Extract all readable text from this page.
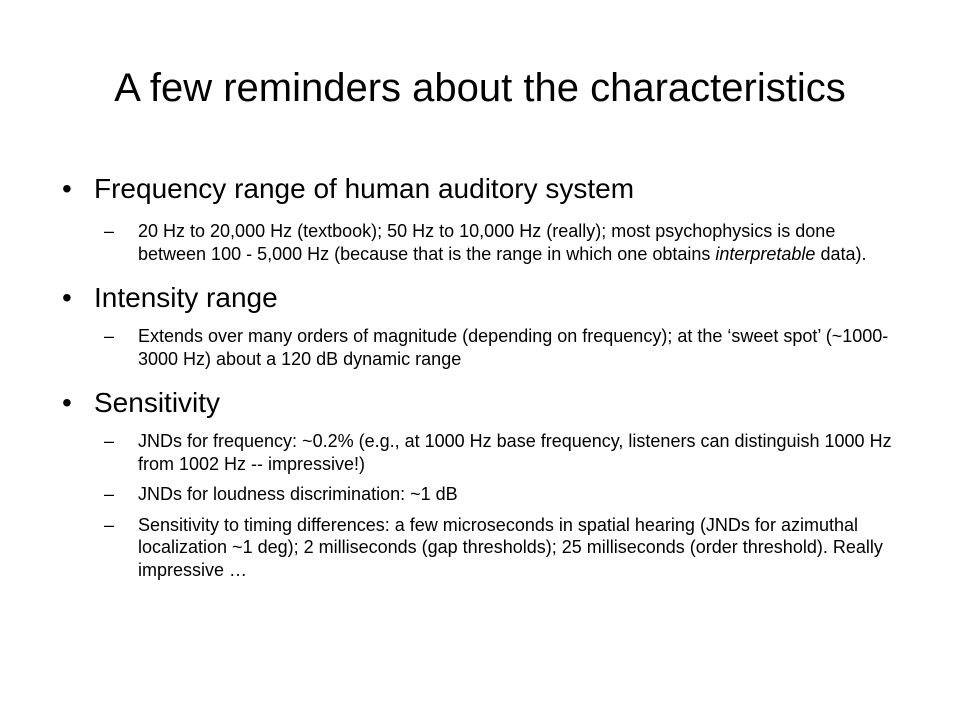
A few reminders about the characteristics
• Frequency range of human auditory system
–	20 Hz to 20,000 Hz (textbook); 50 Hz to 10,000 Hz (really); most psychophysics is done between 100 - 5,000 Hz (because that is the range in which one obtains interpretable data).
• Intensity range
–	Extends over many orders of magnitude (depending on frequency); at the ‘sweet spot’ (~1000-3000 Hz) about a 120 dB dynamic range
• Sensitivity
–	JNDs for frequency: ~0.2% (e.g., at 1000 Hz base frequency, listeners can distinguish 1000 Hz from 1002 Hz -- impressive!)
–	JNDs for loudness discrimination: ~1 dB
–	Sensitivity to timing differences: a few microseconds in spatial hearing (JNDs for azimuthal localization ~1 deg); 2 milliseconds (gap thresholds); 25 milliseconds (order threshold). Really impressive …
